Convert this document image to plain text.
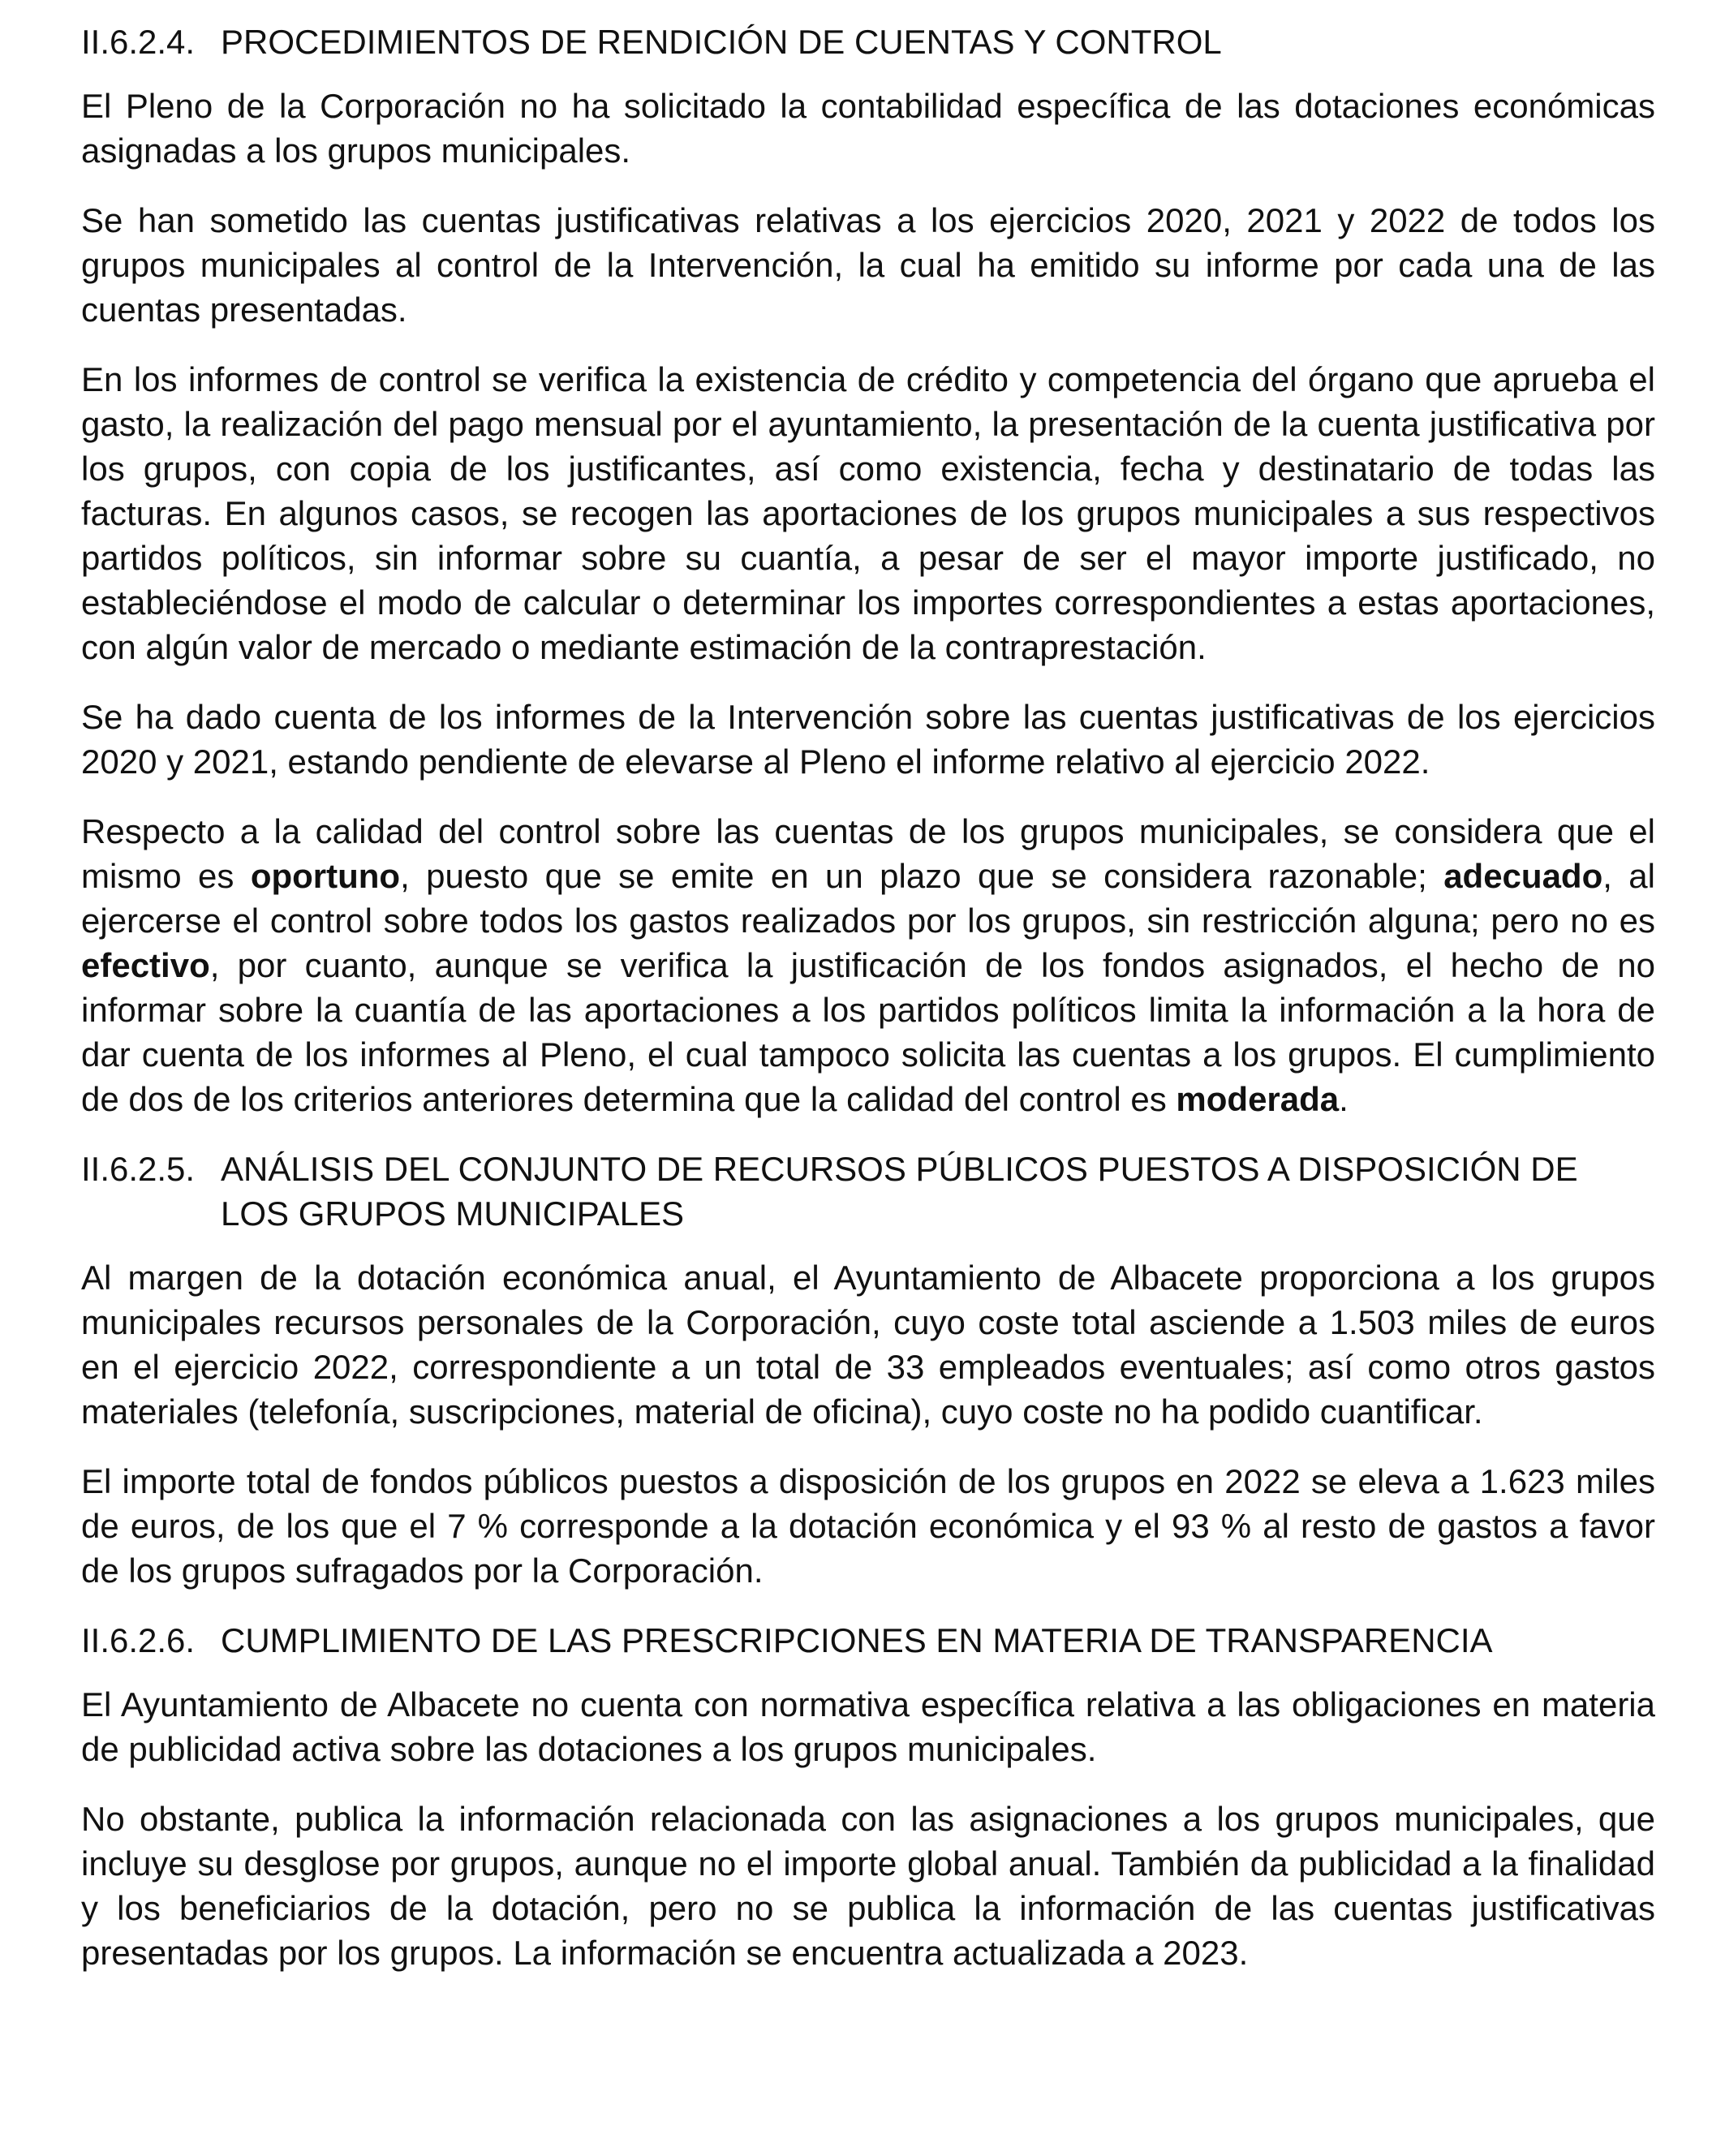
II.6.2.4. PROCEDIMIENTOS DE RENDICIÓN DE CUENTAS Y CONTROL

El Pleno de la Corporación no ha solicitado la contabilidad específica de las dotaciones económicas asignadas a los grupos municipales.

Se han sometido las cuentas justificativas relativas a los ejercicios 2020, 2021 y 2022 de todos los grupos municipales al control de la Intervención, la cual ha emitido su informe por cada una de las cuentas presentadas.

En los informes de control se verifica la existencia de crédito y competencia del órgano que aprueba el gasto, la realización del pago mensual por el ayuntamiento, la presentación de la cuenta justificativa por los grupos, con copia de los justificantes, así como existencia, fecha y destinatario de todas las facturas. En algunos casos, se recogen las aportaciones de los grupos municipales a sus respectivos partidos políticos, sin informar sobre su cuantía, a pesar de ser el mayor importe justificado, no estableciéndose el modo de calcular o determinar los importes correspondientes a estas aportaciones, con algún valor de mercado o mediante estimación de la contraprestación.

Se ha dado cuenta de los informes de la Intervención sobre las cuentas justificativas de los ejercicios 2020 y 2021, estando pendiente de elevarse al Pleno el informe relativo al ejercicio 2022.

Respecto a la calidad del control sobre las cuentas de los grupos municipales, se considera que el mismo es oportuno, puesto que se emite en un plazo que se considera razonable; adecuado, al ejercerse el control sobre todos los gastos realizados por los grupos, sin restricción alguna; pero no es efectivo, por cuanto, aunque se verifica la justificación de los fondos asignados, el hecho de no informar sobre la cuantía de las aportaciones a los partidos políticos limita la información a la hora de dar cuenta de los informes al Pleno, el cual tampoco solicita las cuentas a los grupos. El cumplimiento de dos de los criterios anteriores determina que la calidad del control es moderada.

II.6.2.5. ANÁLISIS DEL CONJUNTO DE RECURSOS PÚBLICOS PUESTOS A DISPOSICIÓN DE LOS GRUPOS MUNICIPALES

Al margen de la dotación económica anual, el Ayuntamiento de Albacete proporciona a los grupos municipales recursos personales de la Corporación, cuyo coste total asciende a 1.503 miles de euros en el ejercicio 2022, correspondiente a un total de 33 empleados eventuales; así como otros gastos materiales (telefonía, suscripciones, material de oficina), cuyo coste no ha podido cuantificar.

El importe total de fondos públicos puestos a disposición de los grupos en 2022 se eleva a 1.623 miles de euros, de los que el 7 % corresponde a la dotación económica y el 93 % al resto de gastos a favor de los grupos sufragados por la Corporación.

II.6.2.6. CUMPLIMIENTO DE LAS PRESCRIPCIONES EN MATERIA DE TRANSPARENCIA

El Ayuntamiento de Albacete no cuenta con normativa específica relativa a las obligaciones en materia de publicidad activa sobre las dotaciones a los grupos municipales.

No obstante, publica la información relacionada con las asignaciones a los grupos municipales, que incluye su desglose por grupos, aunque no el importe global anual. También da publicidad a la finalidad y los beneficiarios de la dotación, pero no se publica la información de las cuentas justificativas presentadas por los grupos. La información se encuentra actualizada a 2023.
